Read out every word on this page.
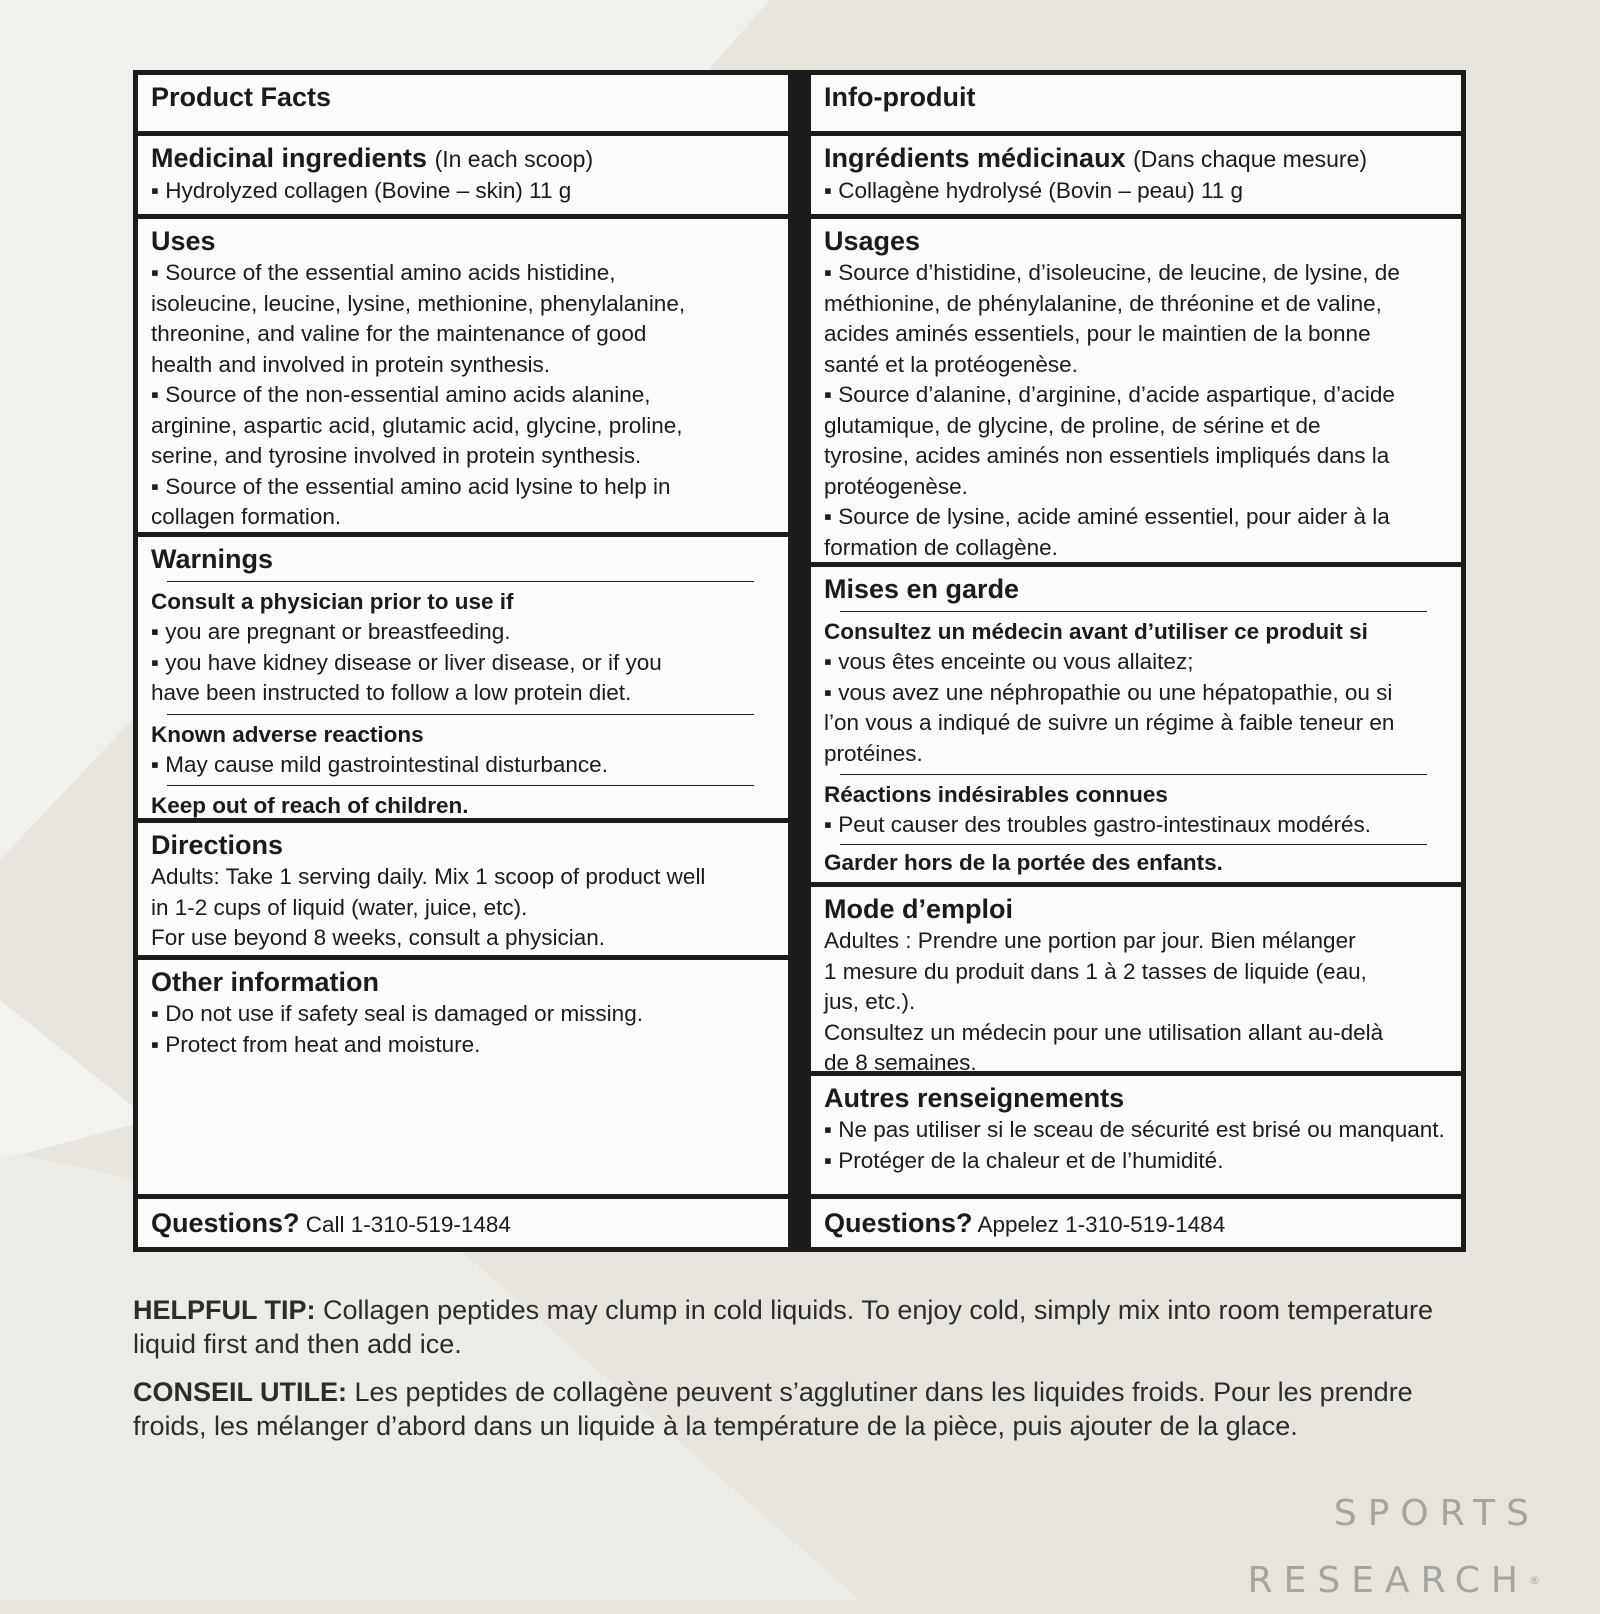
Product Facts
Medicinal ingredients (In each scoop)
▪ Hydrolyzed collagen (Bovine – skin) 11 g
Uses
▪ Source of the essential amino acids histidine,
isoleucine, leucine, lysine, methionine, phenylalanine,
threonine, and valine for the maintenance of good
health and involved in protein synthesis.
▪ Source of the non-essential amino acids alanine,
arginine, aspartic acid, glutamic acid, glycine, proline,
serine, and tyrosine involved in protein synthesis.
▪ Source of the essential amino acid lysine to help in
collagen formation.
Warnings
Consult a physician prior to use if
▪ you are pregnant or breastfeeding.
▪ you have kidney disease or liver disease, or if you
have been instructed to follow a low protein diet.
Known adverse reactions
▪ May cause mild gastrointestinal disturbance.
Keep out of reach of children.
Directions
Adults: Take 1 serving daily. Mix 1 scoop of product well
in 1-2 cups of liquid (water, juice, etc).
For use beyond 8 weeks, consult a physician.
Other information
▪ Do not use if safety seal is damaged or missing.
▪ Protect from heat and moisture.
Questions? Call 1-310-519-1484
Info-produit
Ingrédients médicinaux (Dans chaque mesure)
▪ Collagène hydrolysé (Bovin – peau) 11 g
Usages
▪ Source d’histidine, d’isoleucine, de leucine, de lysine, de
méthionine, de phénylalanine, de thréonine et de valine,
acides aminés essentiels, pour le maintien de la bonne
santé et la protéogenèse.
▪ Source d’alanine, d’arginine, d’acide aspartique, d’acide
glutamique, de glycine, de proline, de sérine et de
tyrosine, acides aminés non essentiels impliqués dans la
protéogenèse.
▪ Source de lysine, acide aminé essentiel, pour aider à la
formation de collagène.
Mises en garde
Consultez un médecin avant d’utiliser ce produit si
▪ vous êtes enceinte ou vous allaitez;
▪ vous avez une néphropathie ou une hépatopathie, ou si
l’on vous a indiqué de suivre un régime à faible teneur en
protéines.
Réactions indésirables connues
▪ Peut causer des troubles gastro-intestinaux modérés.
Garder hors de la portée des enfants.
Mode d’emploi
Adultes : Prendre une portion par jour. Bien mélanger
1 mesure du produit dans 1 à 2 tasses de liquide (eau,
jus, etc.).
Consultez un médecin pour une utilisation allant au-delà
de 8 semaines.
Autres renseignements
▪ Ne pas utiliser si le sceau de sécurité est brisé ou manquant.
▪ Protéger de la chaleur et de l’humidité.
Questions? Appelez 1-310-519-1484

HELPFUL TIP: Collagen peptides may clump in cold liquids. To enjoy cold, simply mix into room temperature liquid first and then add ice.

CONSEIL UTILE: Les peptides de collagène peuvent s’agglutiner dans les liquides froids. Pour les prendre froids, les mélanger d’abord dans un liquide à la température de la pièce, puis ajouter de la glace.

SPORTS
RESEARCH®
